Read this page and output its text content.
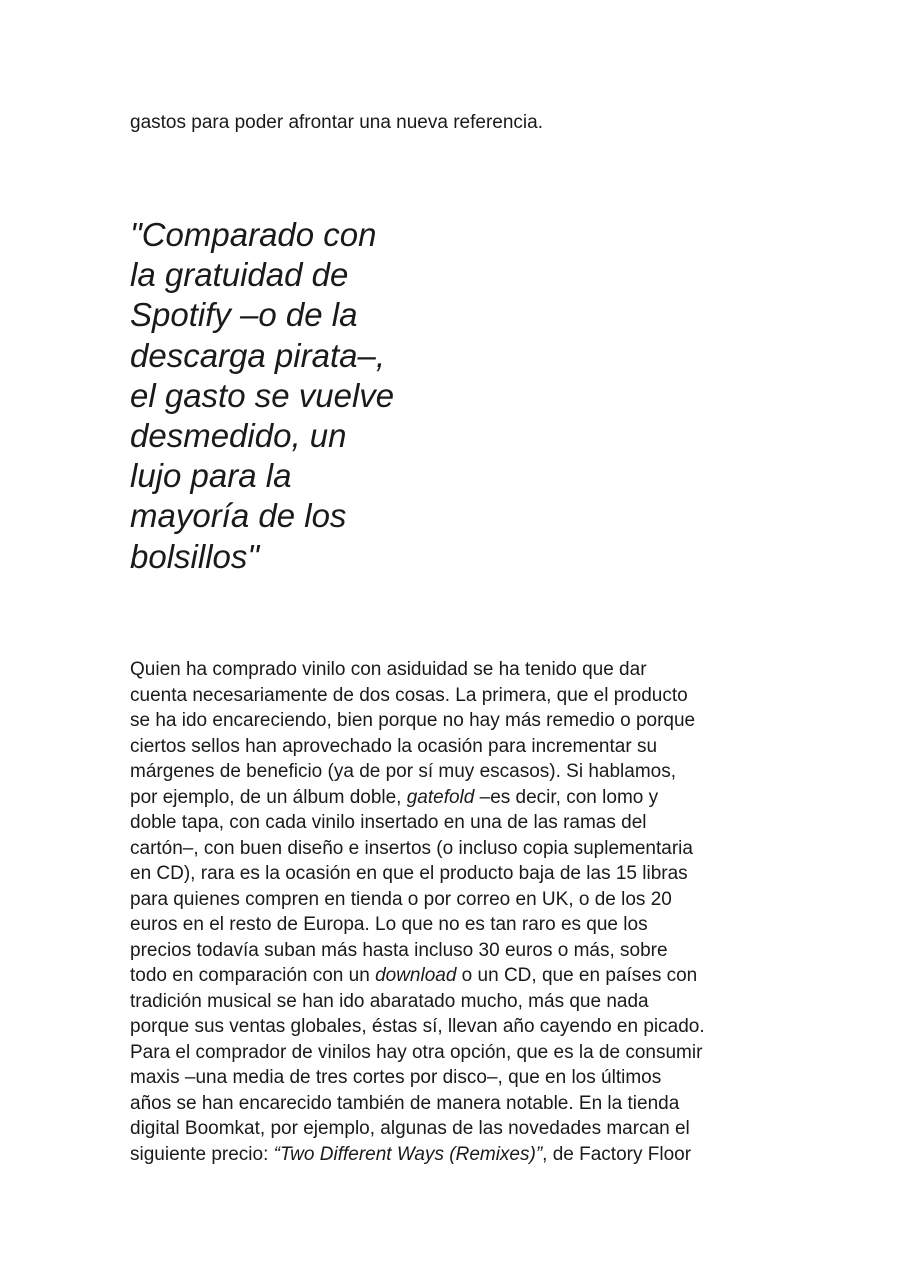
gastos para poder afrontar una nueva referencia.

"Comparado con
la gratuidad de
Spotify –o de la
descarga pirata–,
el gasto se vuelve
desmedido, un
lujo para la
mayoría de los
bolsillos"

Quien ha comprado vinilo con asiduidad se ha tenido que dar
cuenta necesariamente de dos cosas. La primera, que el producto
se ha ido encareciendo, bien porque no hay más remedio o porque
ciertos sellos han aprovechado la ocasión para incrementar su
márgenes de beneficio (ya de por sí muy escasos). Si hablamos,
por ejemplo, de un álbum doble, gatefold –es decir, con lomo y
doble tapa, con cada vinilo insertado en una de las ramas del
cartón–, con buen diseño e insertos (o incluso copia suplementaria
en CD), rara es la ocasión en que el producto baja de las 15 libras
para quienes compren en tienda o por correo en UK, o de los 20
euros en el resto de Europa. Lo que no es tan raro es que los
precios todavía suban más hasta incluso 30 euros o más, sobre
todo en comparación con un download o un CD, que en países con
tradición musical se han ido abaratado mucho, más que nada
porque sus ventas globales, éstas sí, llevan año cayendo en picado.
Para el comprador de vinilos hay otra opción, que es la de consumir
maxis –una media de tres cortes por disco–, que en los últimos
años se han encarecido también de manera notable. En la tienda
digital Boomkat, por ejemplo, algunas de las novedades marcan el
siguiente precio: “Two Different Ways (Remixes)”, de Factory Floor
